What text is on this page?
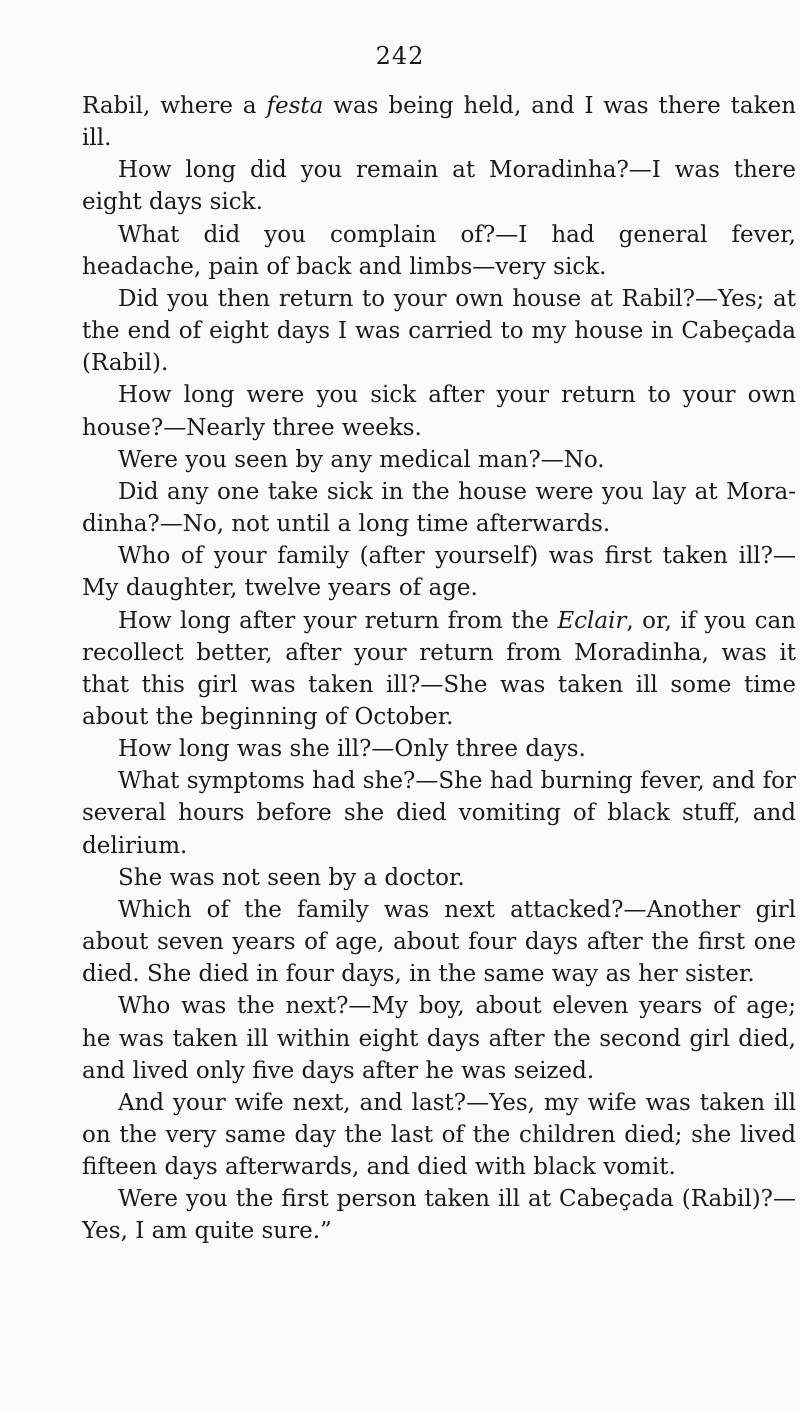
242

Rabil, where a festa was being held, and I was there taken ill.

How long did you remain at Moradinha?—I was there eight days sick.

What did you complain of?—I had general fever, headache, pain of back and limbs—very sick.

Did you then return to your own house at Rabil?—Yes; at the end of eight days I was carried to my house in Cabeçada (Rabil).

How long were you sick after your return to your own house?—Nearly three weeks.

Were you seen by any medical man?—No.

Did any one take sick in the house were you lay at Moradinha?—No, not until a long time afterwards.

Who of your family (after yourself) was first taken ill?—My daughter, twelve years of age.

How long after your return from the Eclair, or, if you can recollect better, after your return from Moradinha, was it that this girl was taken ill?—She was taken ill some time about the beginning of October.

How long was she ill?—Only three days.

What symptoms had she?—She had burning fever, and for several hours before she died vomiting of black stuff, and delirium.

She was not seen by a doctor.

Which of the family was next attacked?—Another girl about seven years of age, about four days after the first one died. She died in four days, in the same way as her sister.

Who was the next?—My boy, about eleven years of age; he was taken ill within eight days after the second girl died, and lived only five days after he was seized.

And your wife next, and last?—Yes, my wife was taken ill on the very same day the last of the children died; she lived fifteen days afterwards, and died with black vomit.

Were you the first person taken ill at Cabeçada (Rabil)?—Yes, I am quite sure.”
